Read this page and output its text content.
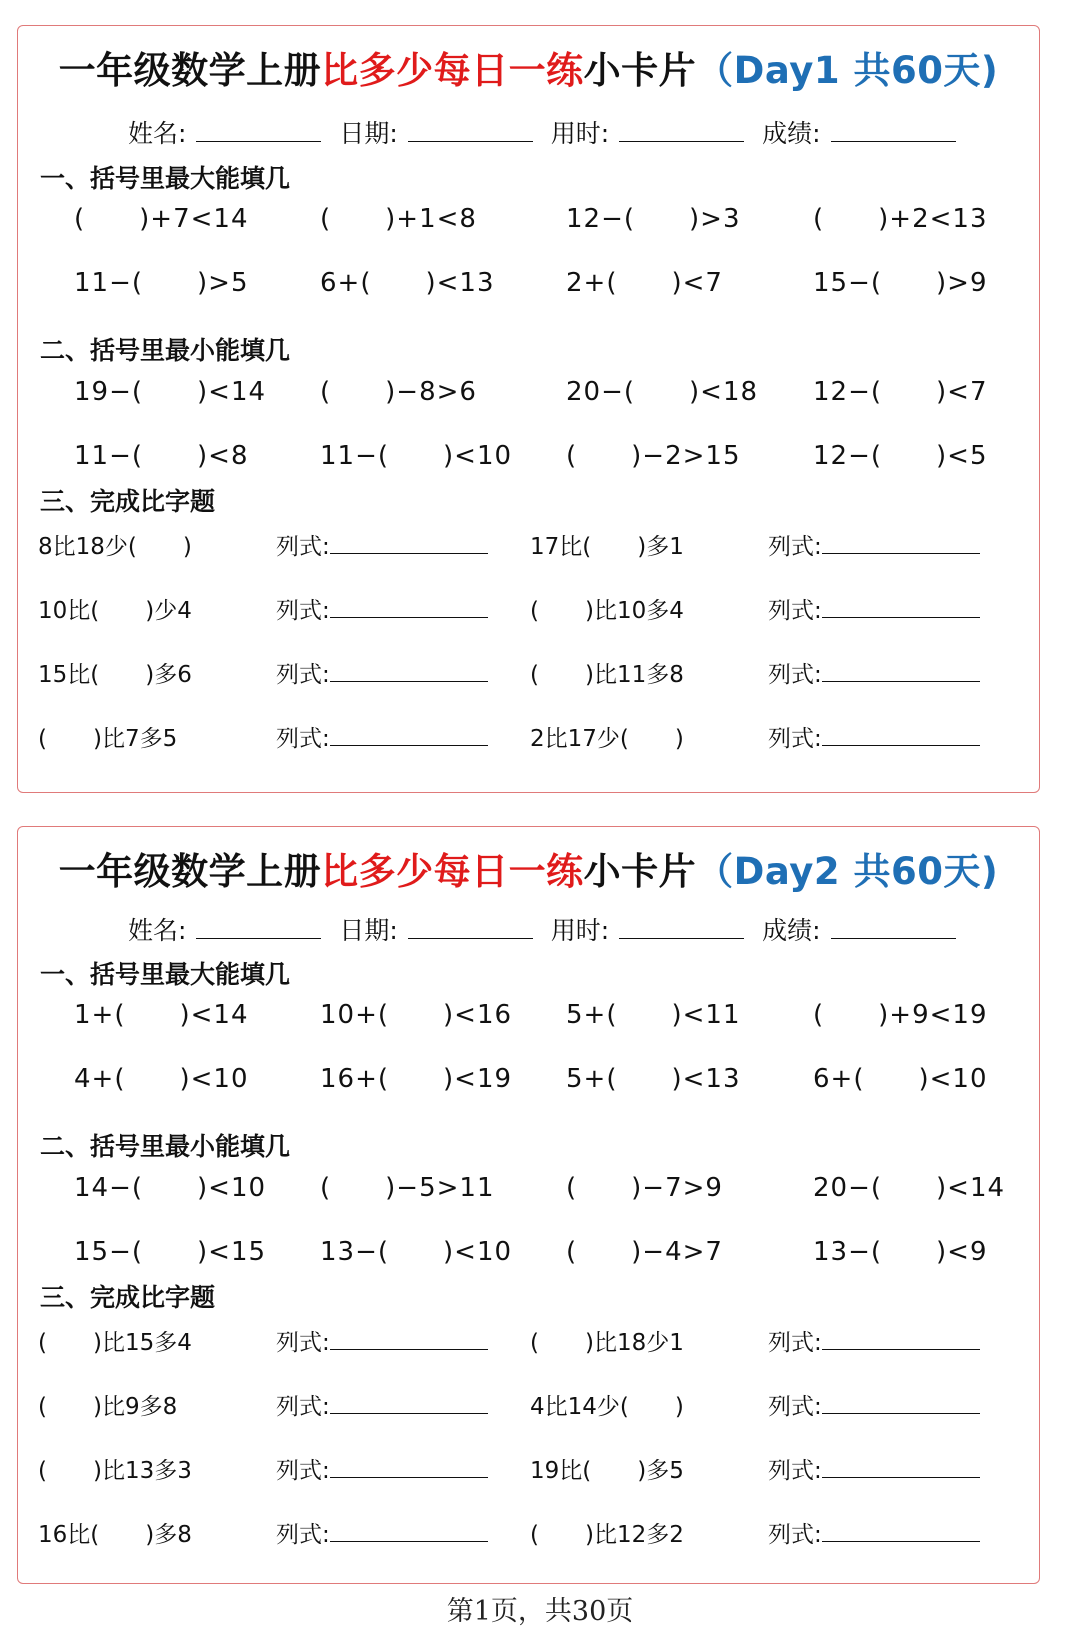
一年级数学上册比多少每日一练小卡片（Day1 共60天)
姓名:	日期:	用时:	成绩:
一、括号里最大能填几
(　　)+7<14	(　　)+1<8	12−(　　)>3	(　　)+2<13
11−(　　)>5	6+(　　)<13	2+(　　)<7	15−(　　)>9
二、括号里最小能填几
19−(　　)<14 (　　)−8>6	20−(　　)<18 12−(　　)<7
11−(　　)<8	11−(　　)<10 (　　)−2>15	12−(　　)<5
三、完成比字题
8比18少(　　)	列式:	17比(　　)多1	列式:
10比(　　)少4	列式:	(　　)比10多4	列式:
15比(　　)多6	列式:	(　　)比11多8	列式:
(　　)比7多5	列式:	2比17少(　　)	列式:
一年级数学上册比多少每日一练小卡片（Day2 共60天)
姓名:	日期:	用时:	成绩:
一、括号里最大能填几
1+(　　)<14	10+(　　)<16 5+(　　)<11	(　　)+9<19
4+(　　)<10	16+(　　)<19 5+(　　)<13	6+(　　)<10
二、括号里最小能填几
14−(　　)<10 (　　)−5>11	(　　)−7>9	20−(　　)<14
15−(　　)<15 13−(　　)<10 (　　)−4>7	13−(　　)<9
三、完成比字题
(　　)比15多4	列式:	(　　)比18少1	列式:
(　　)比9多8	列式:	4比14少(　　)	列式:
(　　)比13多3	列式:	19比(　　)多5	列式:
16比(　　)多8	列式:	(　　)比12多2	列式:
第1页，共30页
